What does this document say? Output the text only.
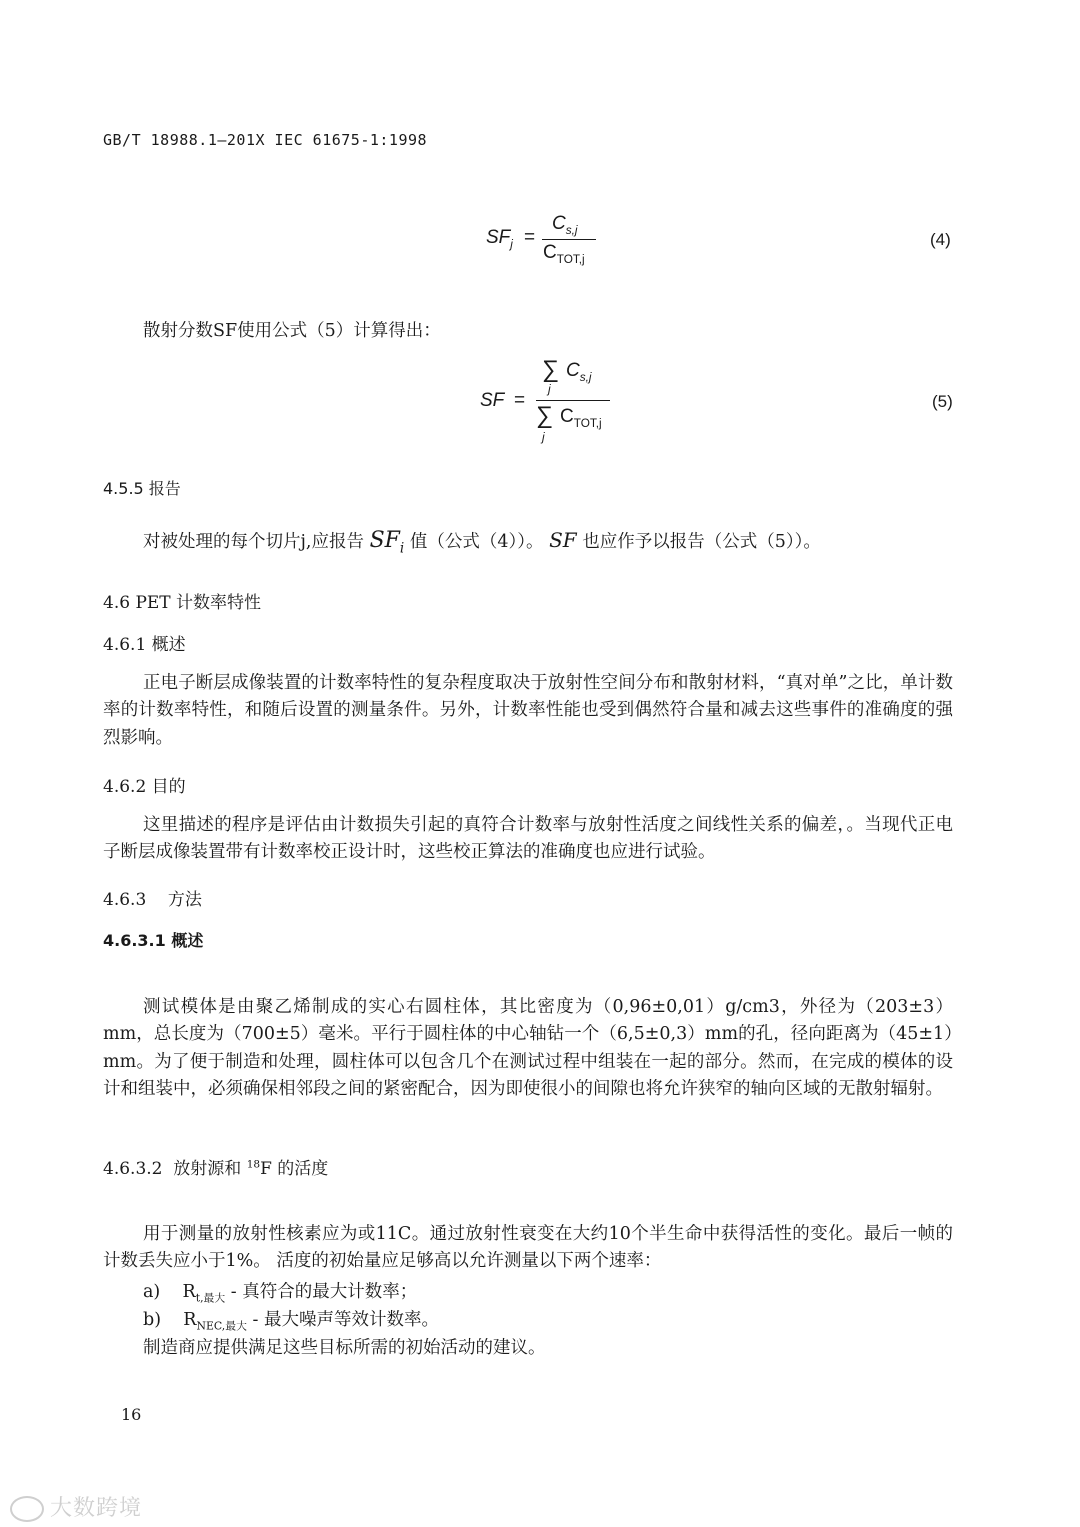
GB/T 18988.1—201X IEC 61675-1:1998
$SF_j$ =
$C_{s,j}$
$C_{TOT,j}$
(4)
散射分数SF使用公式（5）计算得出：
SF =
∑
j
$C_{s,j}$
∑
j
$C_{TOT,j}$
(5)
4.5.5 报告
对被处理的每个切片j,应报告 $SF_i$ 值（公式（4））。 SF 也应作予以报告（公式（5））。
4.6 PET 计数率特性
4.6.1 概述
正电子断层成像装置的计数率特性的复杂程度取决于放射性空间分布和散射材料，“真对单”之比，单计数率的计数率特性，和随后设置的测量条件。另外，计数率性能也受到偶然符合量和减去这些事件的准确度的强烈影响。
4.6.2 目的
这里描述的程序是评估由计数损失引起的真符合计数率与放射性活度之间线性关系的偏差，。当现代正电子断层成像装置带有计数率校正设计时，这些校正算法的准确度也应进行试验。
4.6.3    方法
4.6.3.1 概述
测试模体是由聚乙烯制成的实心右圆柱体，其比密度为（0,96±0,01）g/cm3，外径为（203±3）mm，总长度为（700±5）毫米。平行于圆柱体的中心轴钻一个（6,5±0,3）mm的孔，径向距离为（45±1）mm。为了便于制造和处理，圆柱体可以包含几个在测试过程中组装在一起的部分。然而，在完成的模体的设计和组装中，必须确保相邻段之间的紧密配合，因为即使很小的间隙也将允许狭窄的轴向区域的无散射辐射。
4.6.3.2  放射源和 $^{18}$F 的活度
用于测量的放射性核素应为或11C。通过放射性衰变在大约10个半生命中获得活性的变化。最后一帧的计数丢失应小于1%。 活度的初始量应足够高以允许测量以下两个速率：
a) $R_{t,最大}$ - 真符合的最大计数率；
b) $R_{NEC,最大}$ - 最大噪声等效计数率。
制造商应提供满足这些目标所需的初始活动的建议。
16
大数跨境
